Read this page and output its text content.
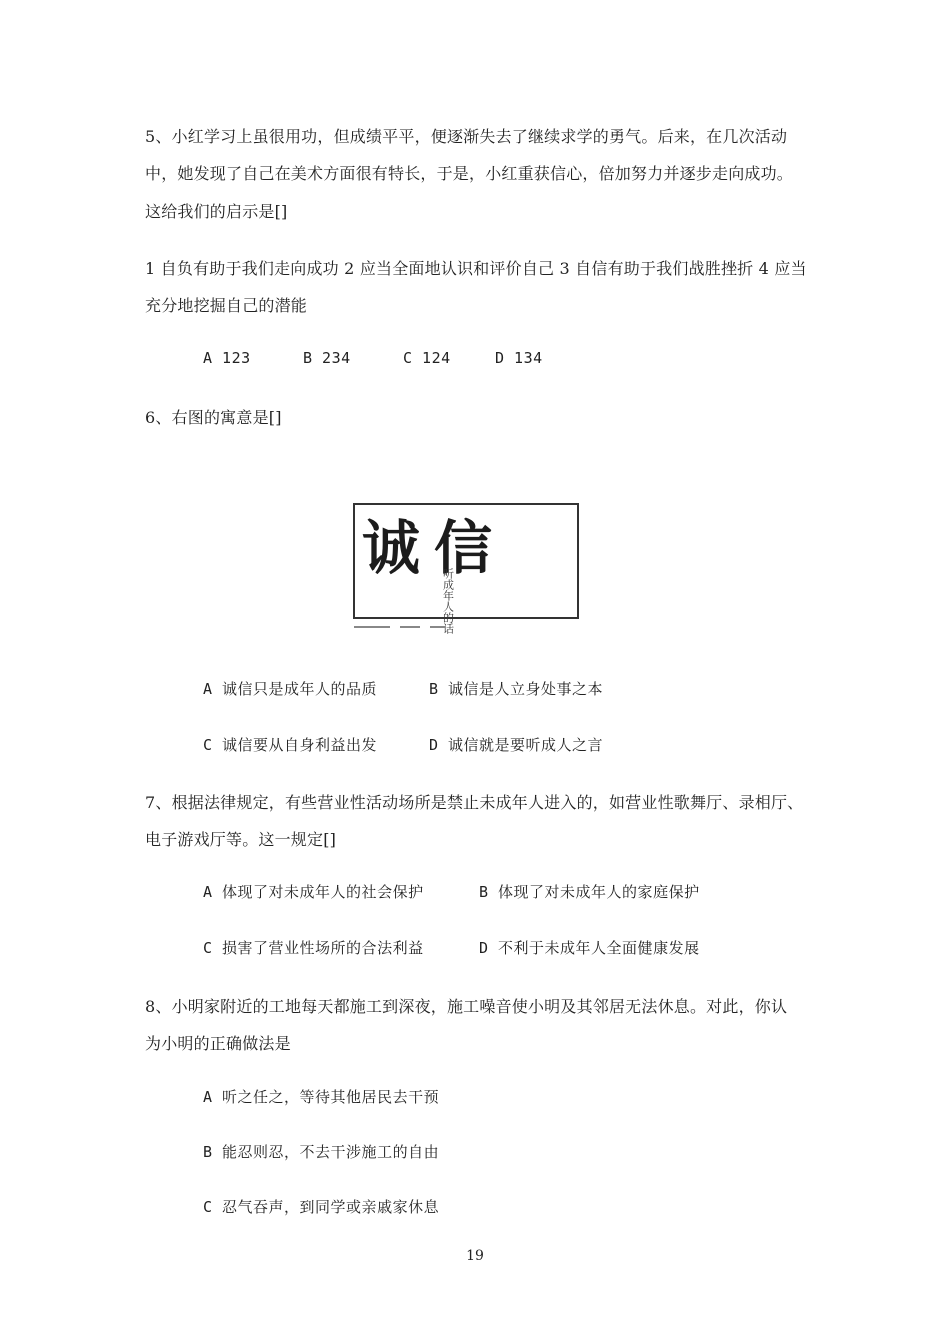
5、小红学习上虽很用功，但成绩平平，便逐渐失去了继续求学的勇气。后来，在几次活动
中，她发现了自己在美术方面很有特长，于是，小红重获信心，倍加努力并逐步走向成功。
这给我们的启示是[]
1 自负有助于我们走向成功 2 应当全面地认识和评价自己 3 自信有助于我们战胜挫折 4 应当
充分地挖掘自己的潜能
A 123	B 234	C 124	D 134
6、右图的寓意是[]
诚信
听成年人的话
A 诚信只是成年人的品质	B 诚信是人立身处事之本
C 诚信要从自身利益出发	D 诚信就是要听成人之言
7、根据法律规定，有些营业性活动场所是禁止未成年人进入的，如营业性歌舞厅、录相厅、
电子游戏厅等。这一规定[]
A 体现了对未成年人的社会保护	B 体现了对未成年人的家庭保护
C 损害了营业性场所的合法利益	D 不利于未成年人全面健康发展
8、小明家附近的工地每天都施工到深夜，施工噪音使小明及其邻居无法休息。对此，你认
为小明的正确做法是
A 听之任之，等待其他居民去干预
B 能忍则忍，不去干涉施工的自由
C 忍气吞声，到同学或亲戚家休息
19
